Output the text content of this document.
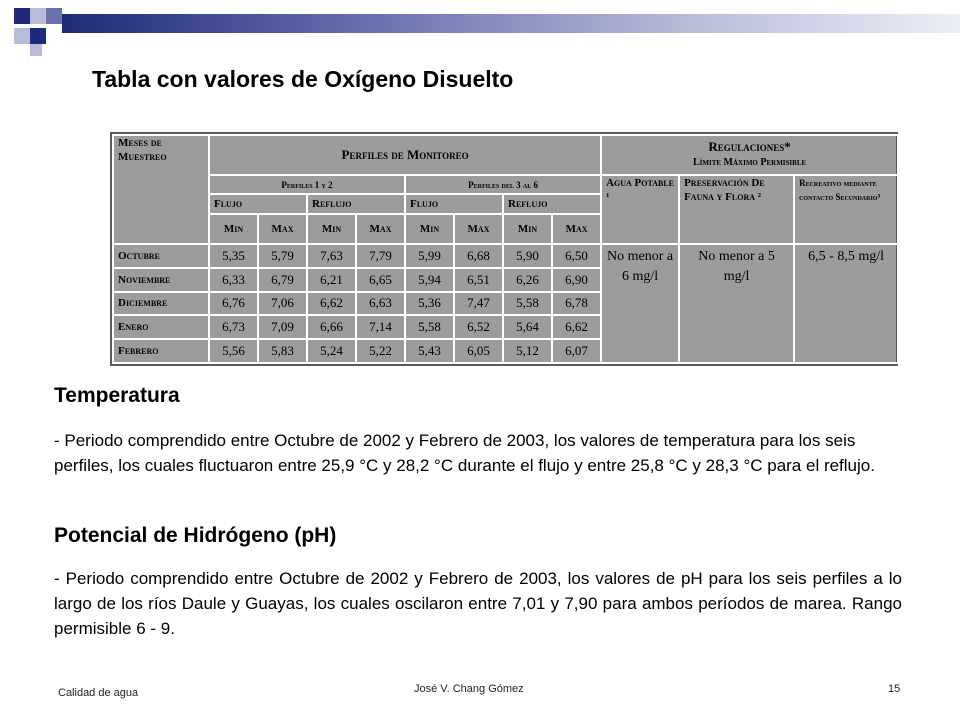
Tabla con valores de Oxígeno Disuelto
Meses de Muestreo	Perfiles de Monitoreo								Regulaciones*
Límite Máximo Permisible		

	Perfiles 1 y 2				Perfiles del 3 al 6				Agua Potable ¹	Preservación De Fauna y Flora ²	Recreativo mediante contacto Secundario³
	Flujo		Reflujo		Flujo		Reflujo				
	Min	Max	Min	Max	Min	Max	Min	Max			
Octubre	5,35	5,79	7,63	7,79	5,99	6,68	5,90	6,50	No menor a 6 mg/l	No menor a 5 mg/l	6,5 - 8,5 mg/l
Noviembre	6,33	6,79	6,21	6,65	5,94	6,51	6,26	6,90			
Diciembre	6,76	7,06	6,62	6,63	5,36	7,47	5,58	6,78			
Enero	6,73	7,09	6,66	7,14	5,58	6,52	5,64	6,62			
Febrero	5,56	5,83	5,24	5,22	5,43	6,05	5,12	6,07			
Temperatura
- Periodo comprendido entre Octubre de 2002 y Febrero de 2003, los valores de temperatura para los seis perfiles, los cuales fluctuaron entre 25,9 °C y 28,2 °C durante el flujo y entre 25,8 °C y 28,3 °C para el reflujo.
Potencial de Hidrógeno (pH)
- Periodo comprendido entre Octubre de 2002 y Febrero de 2003, los valores de pH para los seis perfiles a lo largo de los ríos Daule y Guayas, los cuales oscilaron entre 7,01 y 7,90 para ambos períodos de marea. Rango permisible 6 - 9.
Calidad de agua	José V. Chang Gómez	15
